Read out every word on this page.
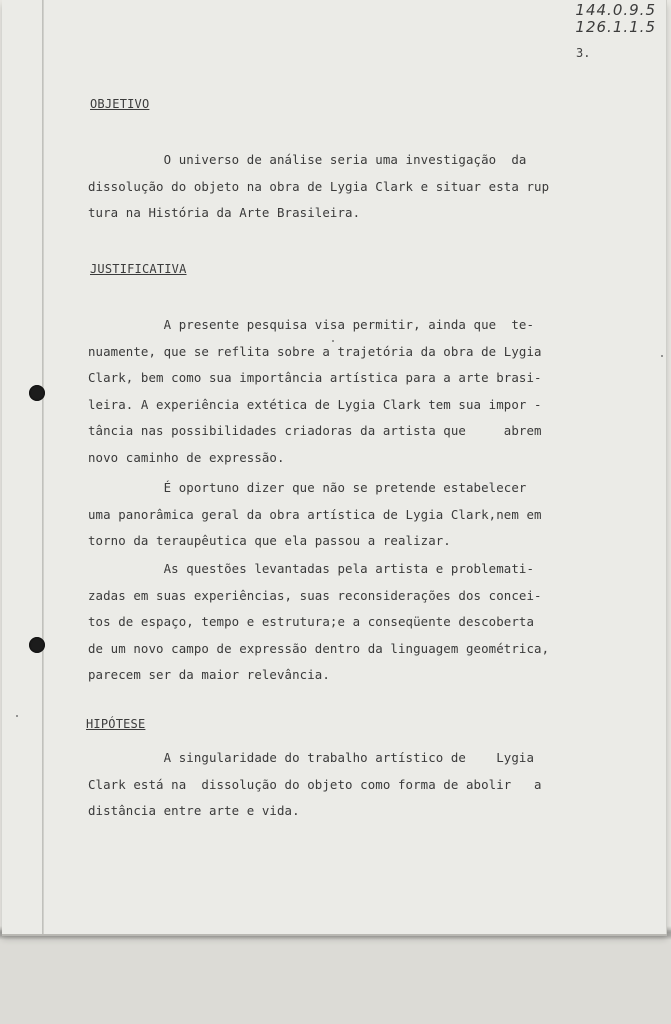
144.0.9.5
126.1.1.5
3.
OBJETIVO

O universo de análise seria uma investigação  da
dissolução do objeto na obra de Lygia Clark e situar esta rup
tura na História da Arte Brasileira.

JUSTIFICATIVA

A presente pesquisa visa permitir, ainda que  te-
nuamente, que se reflita sobre a trajetória da obra de Lygia
Clark, bem como sua importância artística para a arte brasi-
leira. A experiência extética de Lygia Clark tem sua impor -
tância nas possibilidades criadoras da artista que     abrem
novo caminho de expressão.

É oportuno dizer que não se pretende estabelecer
uma panorâmica geral da obra artística de Lygia Clark,nem em
torno da teraupêutica que ela passou a realizar.

As questões levantadas pela artista e problemati-
zadas em suas experiências, suas reconsiderações dos concei-
tos de espaço, tempo e estrutura;e a conseqüente descoberta
de um novo campo de expressão dentro da linguagem geométrica,
parecem ser da maior relevância.

HIPÓTESE

A singularidade do trabalho artístico de    Lygia
Clark está na  dissolução do objeto como forma de abolir   a
distância entre arte e vida.
